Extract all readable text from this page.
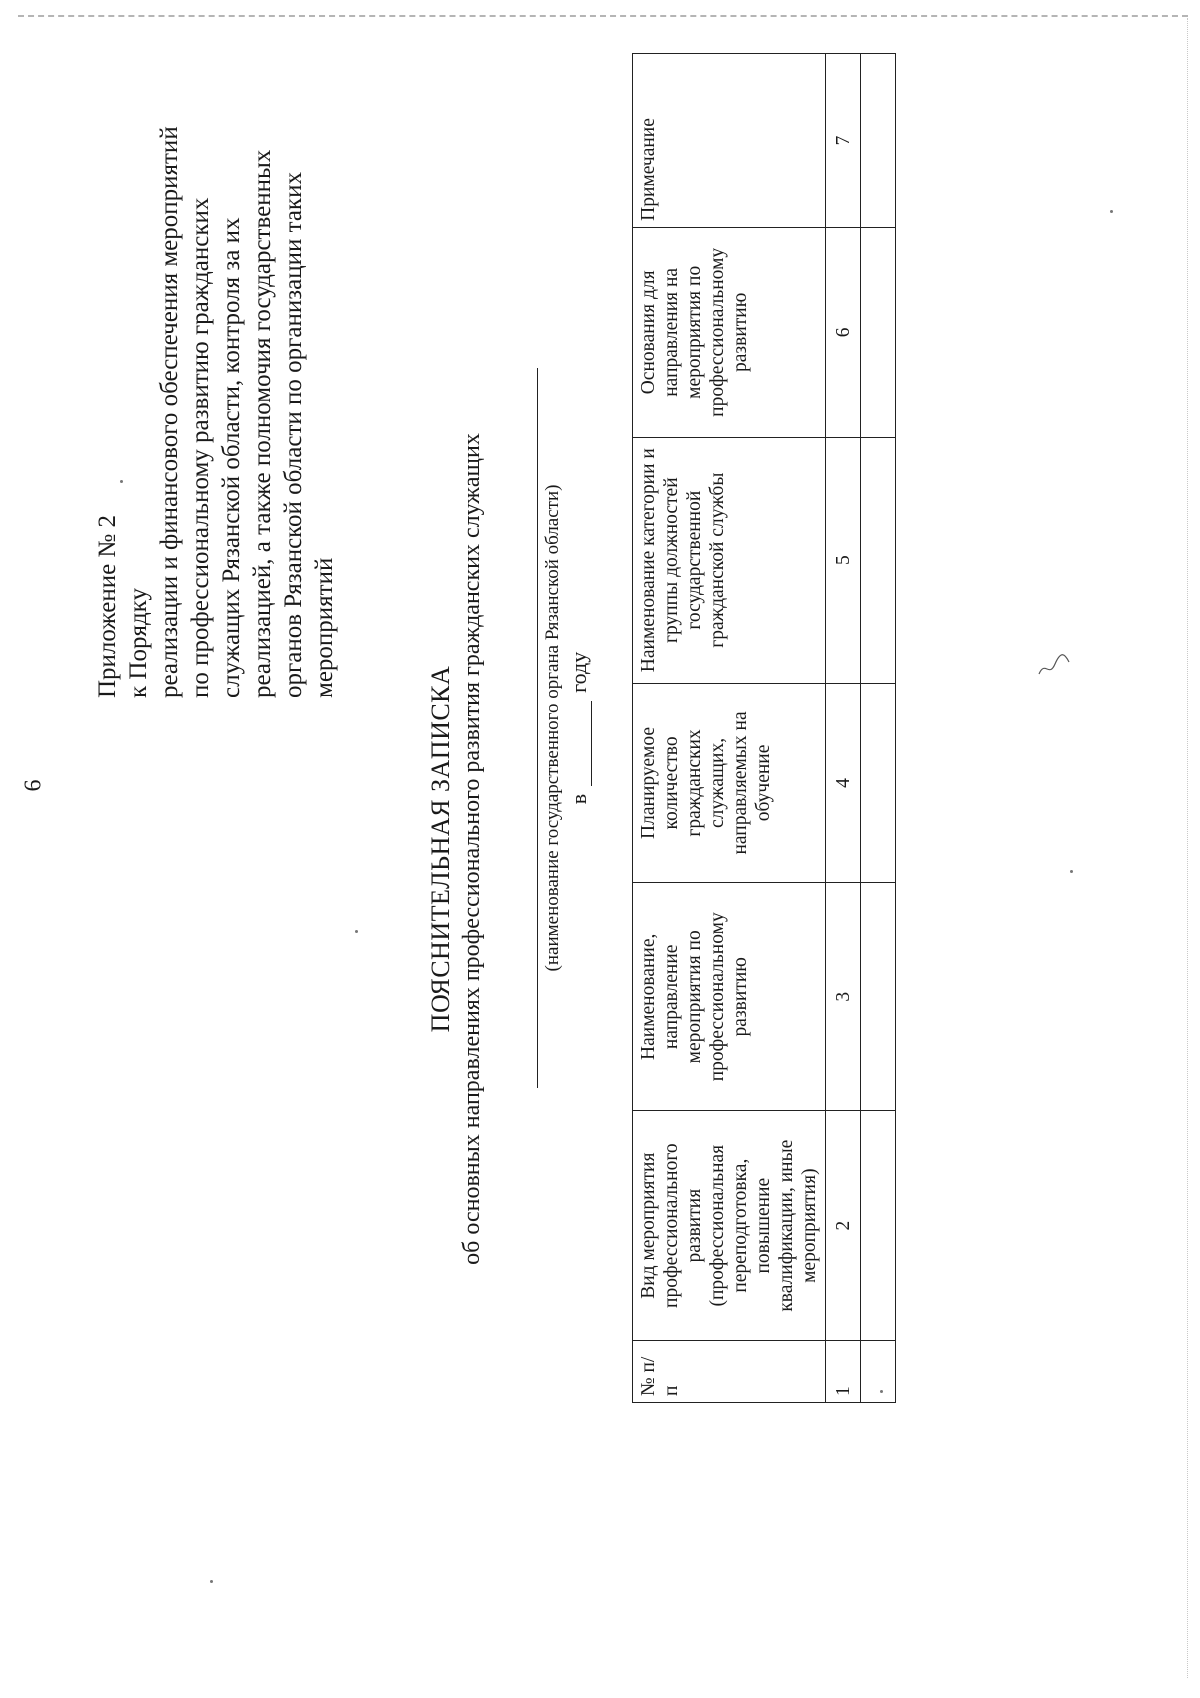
6
Приложение № 2 к Порядку реализации и финансового обеспечения мероприятий по профессиональному развитию гражданских служащих Рязанской области, контроля за их реализацией, а также полномочия государственных органов Рязанской области по организации таких мероприятий
ПОЯСНИТЕЛЬНАЯ ЗАПИСКА об основных направлениях профессионального развития гражданских служащих	(наименование государственного органа Рязанской области) вгоду
№ п/п	Вид мероприятия профессионального развития (профессиональная переподготовка, повышение квалификации, иные мероприятия)	Наименование, направление мероприятия по профессиональному развитию	Планируемое количество гражданских служащих, направляемых на обучение	Наименование категории и группы должностей государственной гражданской службы	Основания для направления на мероприятия по профессиональному развитию	Примечание
1	2	3	4	5	6	7
